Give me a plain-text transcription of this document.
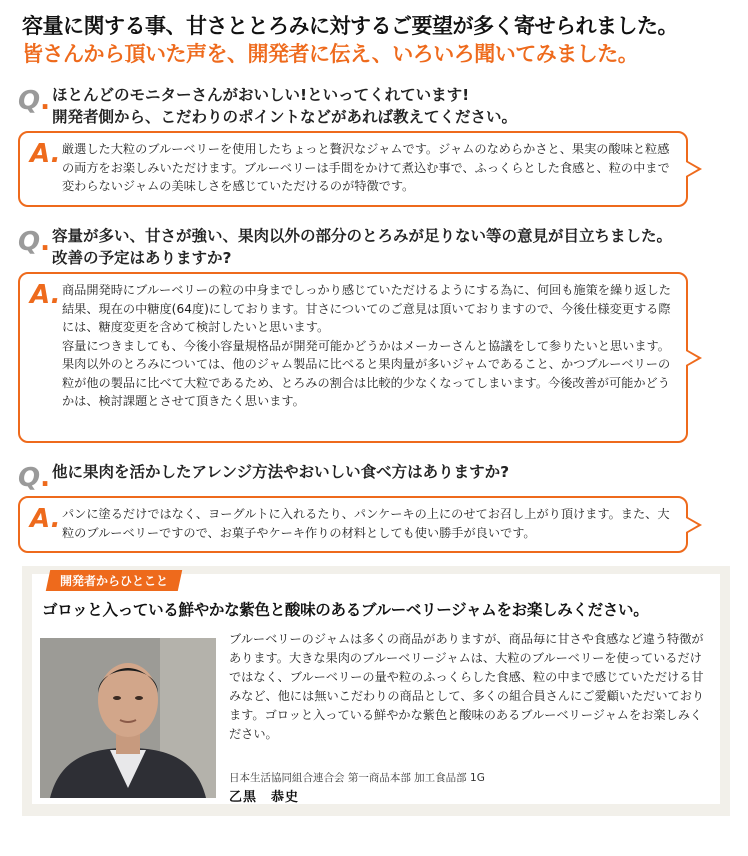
容量に関する事、甘さととろみに対するご要望が多く寄せられました。
皆さんから頂いた声を、開発者に伝え、いろいろ聞いてみました。
Q. ほとんどのモニターさんがおいしい!といってくれています!
開発者側から、こだわりのポイントなどがあれば教えてください。
A. 厳選した大粒のブルーベリーを使用したちょっと贅沢なジャムです。ジャムのなめらかさと、果実の酸味と粒感の両方をお楽しみいただけます。ブルーベリーは手間をかけて煮込む事で、ふっくらとした食感と、粒の中まで変わらないジャムの美味しさを感じていただけるのが特徴です。

Q. 容量が多い、甘さが強い、果肉以外の部分のとろみが足りない等の意見が目立ちました。
改善の予定はありますか?
A. 商品開発時にブルーベリーの粒の中身までしっかり感じていただけるようにする為に、何回も施策を繰り返した結果、現在の中糖度(64度)にしております。甘さについてのご意見は頂いておりますので、今後仕様変更する際には、糖度変更を含めて検討したいと思います。

容量につきましても、今後小容量規格品が開発可能かどうかはメーカーさんと協議をして参りたいと思います。

果肉以外のとろみについては、他のジャム製品に比べると果肉量が多いジャムであること、かつブルーベリーの粒が他の製品に比べて大粒であるため、とろみの割合は比較的少なくなってしまいます。今後改善が可能かどうかは、検討課題とさせて頂きたく思います。

Q. 他に果肉を活かしたアレンジ方法やおいしい食べ方はありますか?
A. パンに塗るだけではなく、ヨーグルトに入れるたり、パンケーキの上にのせてお召し上がり頂けます。また、大粒のブルーベリーですので、お菓子やケーキ作りの材料としても使い勝手が良いです。

開発者からひとこと
ゴロッと入っている鮮やかな紫色と酸味のあるブルーベリージャムをお楽しみください。
ブルーベリーのジャムは多くの商品がありますが、商品毎に甘さや食感など違う特徴があります。大きな果肉のブルーベリージャムは、大粒のブルーベリーを使っているだけではなく、ブルーベリーの量や粒のふっくらした食感、粒の中まで感じていただける甘みなど、他には無いこだわりの商品として、多くの組合員さんにご愛顧いただいております。ゴロッと入っている鮮やかな紫色と酸味のあるブルーベリージャムをお楽しみください。
日本生活協同組合連合会 第一商品本部 加工食品部 1G
乙黒　恭史
